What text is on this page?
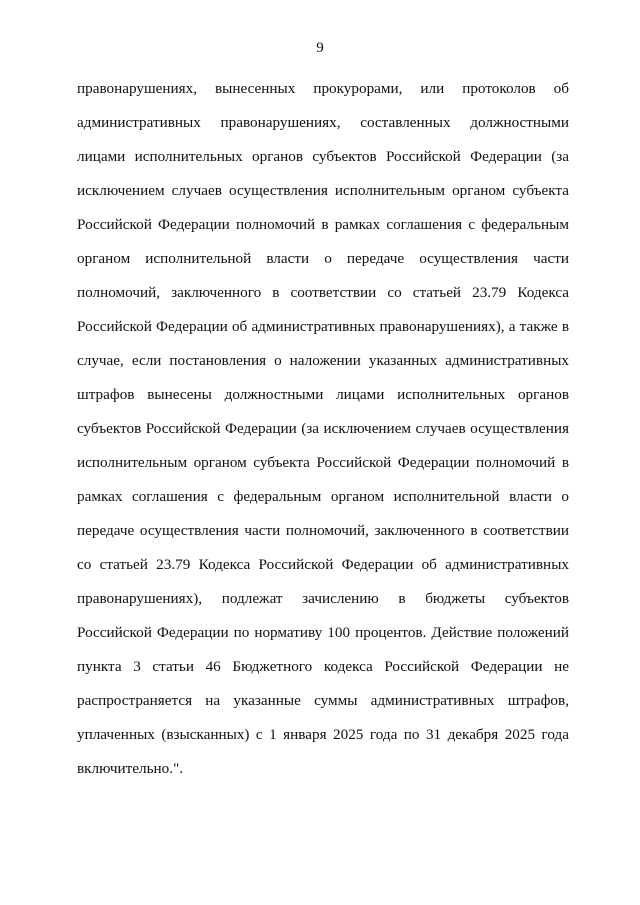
9
правонарушениях, вынесенных прокурорами, или протоколов об
административных правонарушениях, составленных должностными
лицами исполнительных органов субъектов Российской Федерации (за
исключением случаев осуществления исполнительным органом субъекта
Российской Федерации полномочий в рамках соглашения с федеральным
органом исполнительной власти о передаче осуществления части
полномочий, заключенного в соответствии со статьей 23.79 Кодекса
Российской Федерации об административных правонарушениях), а также в
случае, если постановления о наложении указанных административных
штрафов вынесены должностными лицами исполнительных органов
субъектов Российской Федерации (за исключением случаев осуществления
исполнительным органом субъекта Российской Федерации полномочий в
рамках соглашения с федеральным органом исполнительной власти о
передаче осуществления части полномочий, заключенного в соответствии
со статьей 23.79 Кодекса Российской Федерации об административных
правонарушениях), подлежат зачислению в бюджеты субъектов
Российской Федерации по нормативу 100 процентов. Действие положений
пункта 3 статьи 46 Бюджетного кодекса Российской Федерации не
распространяется на указанные суммы административных штрафов,
уплаченных (взысканных) с 1 января 2025 года по 31 декабря 2025 года
включительно.".
